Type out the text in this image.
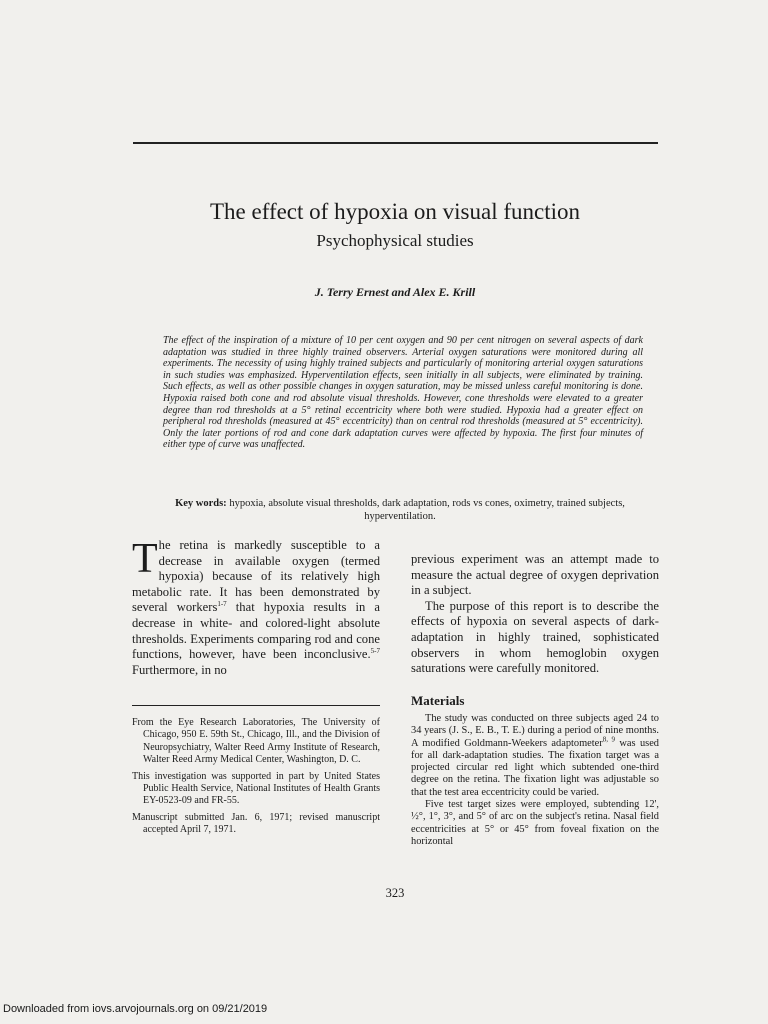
The effect of hypoxia on visual function
Psychophysical studies
J. Terry Ernest and Alex E. Krill
The effect of the inspiration of a mixture of 10 per cent oxygen and 90 per cent nitrogen on several aspects of dark adaptation was studied in three highly trained observers. Arterial oxygen saturations were monitored during all experiments. The necessity of using highly trained subjects and particularly of monitoring arterial oxygen saturations in such studies was emphasized. Hyperventilation effects, seen initially in all subjects, were eliminated by training. Such effects, as well as other possible changes in oxygen saturation, may be missed unless careful monitoring is done. Hypoxia raised both cone and rod absolute visual thresholds. However, cone thresholds were elevated to a greater degree than rod thresholds at a 5° retinal eccentricity where both were studied. Hypoxia had a greater effect on peripheral rod thresholds (measured at 45° eccentricity) than on central rod thresholds (measured at 5° eccentricity). Only the later portions of rod and cone dark adaptation curves were affected by hypoxia. The first four minutes of either type of curve was unaffected.
Key words: hypoxia, absolute visual thresholds, dark adaptation, rods vs cones, oximetry, trained subjects, hyperventilation.

The retina is markedly susceptible to a decrease in available oxygen (termed hypoxia) because of its relatively high metabolic rate. It has been demonstrated by several workers$^{1-7}$ that hypoxia results in a decrease in white- and colored-light absolute thresholds. Experiments comparing rod and cone functions, however, have been inconclusive.$^{5-7}$ Furthermore, in no

From the Eye Research Laboratories, The University of Chicago, 950 E. 59th St., Chicago, Ill., and the Division of Neuropsychiatry, Walter Reed Army Institute of Research, Walter Reed Army Medical Center, Washington, D. C.

This investigation was supported in part by United States Public Health Service, National Institutes of Health Grants EY-0523-09 and FR-55.

Manuscript submitted Jan. 6, 1971; revised manuscript accepted April 7, 1971.

previous experiment was an attempt made to measure the actual degree of oxygen deprivation in a subject.

The purpose of this report is to describe the effects of hypoxia on several aspects of dark-adaptation in highly trained, sophisticated observers in whom hemoglobin oxygen saturations were carefully monitored.

Materials

The study was conducted on three subjects aged 24 to 34 years (J. S., E. B., T. E.) during a period of nine months. A modified Goldmann-Weekers adaptometer$^{8, 9}$ was used for all dark-adaptation studies. The fixation target was a projected circular red light which subtended one-third degree on the retina. The fixation light was adjustable so that the test area eccentricity could be varied.

Five test target sizes were employed, subtending 12', ½°, 1°, 3°, and 5° of arc on the subject's retina. Nasal field eccentricities at 5° or 45° from foveal fixation on the horizontal

323
Downloaded from iovs.arvojournals.org on 09/21/2019
